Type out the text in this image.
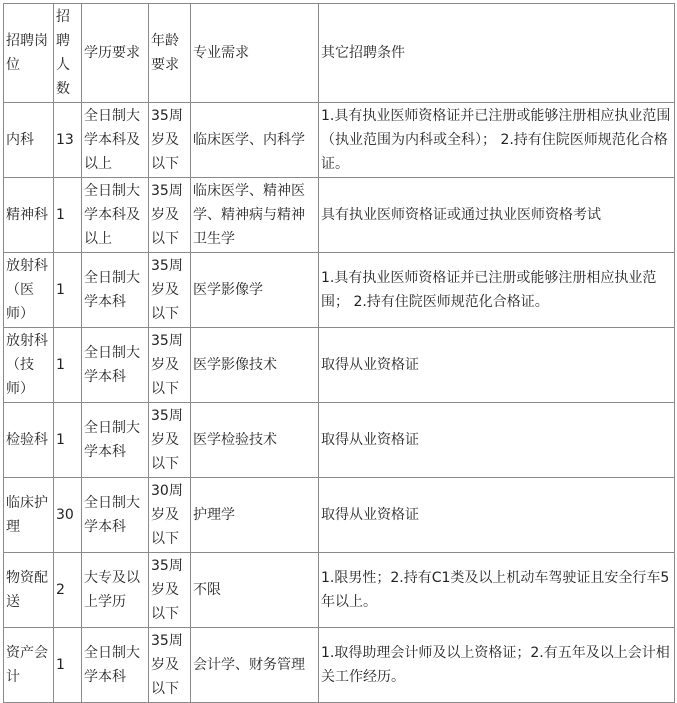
招聘岗位	招聘人数	学历要求	年龄要求	专业需求	其它招聘条件
内科	13	全日制大学本科及以上	35周岁及以下	临床医学、内科学	1.具有执业医师资格证并已注册或能够注册相应执业范围（执业范围为内科或全科）； 2.持有住院医师规范化合格证。
精神科	1	全日制大学本科及以上	35周岁及以下	临床医学、精神医学、精神病与精神卫生学	具有执业医师资格证或通过执业医师资格考试
放射科（医师）	1	全日制大学本科	35周岁及以下	医学影像学	1.具有执业医师资格证并已注册或能够注册相应执业范围； 2.持有住院医师规范化合格证。
放射科（技师）	1	全日制大学本科	35周岁及以下	医学影像技术	取得从业资格证
检验科	1	全日制大学本科	35周岁及以下	医学检验技术	取得从业资格证
临床护理	30	全日制大学本科	30周岁及以下	护理学	取得从业资格证
物资配送	2	大专及以上学历	35周岁及以下	不限	1.限男性；2.持有C1类及以上机动车驾驶证且安全行车5年以上。
资产会计	1	全日制大学本科	35周岁及以下	会计学、财务管理	1.取得助理会计师及以上资格证；2.有五年及以上会计相关工作经历。
